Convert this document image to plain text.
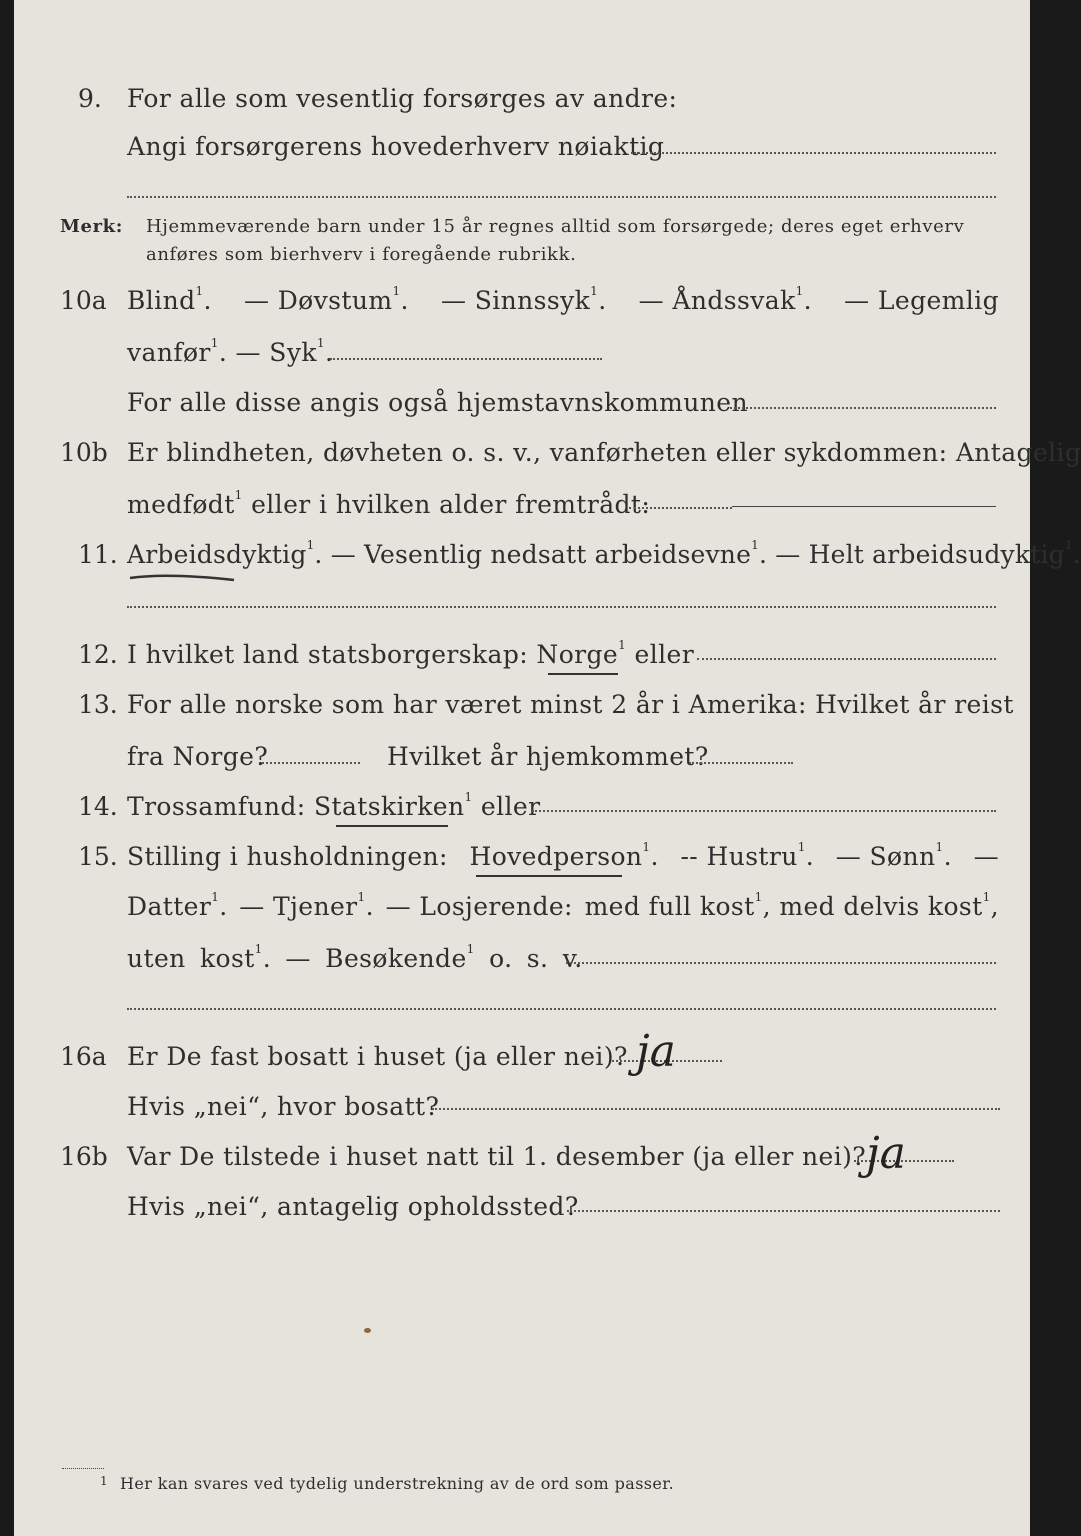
9.	For alle som vesentlig forsørges av andre:
Angi forsørgerens hovederhverv nøiaktig
Merk: Hjemmeværende barn under 15 år regnes alltid som forsørgede; deres eget erhverv
anføres som bierhverv i foregående rubrikk.
10a Blind$^1$. — Døvstum$^1$. — Sinnssyk$^1$. — Åndssvak$^1$. — Legemlig
vanfør$^1$. — Syk$^1$.
For alle disse angis også hjemstavnskommunen
10b Er blindheten, døvheten o. s. v., vanførheten eller sykdommen: Antagelig
medfødt$^1$ eller i hvilken alder fremtrådt:
11. Arbeidsdyktig$^1$. — Vesentlig nedsatt arbeidsevne$^1$. — Helt arbeidsudyktig$^1$.
12. I hvilket land statsborgerskap: Norge$^1$ eller
13. For alle norske som har været minst 2 år i Amerika: Hvilket år reist
fra Norge?	Hvilket år hjemkommet?
14. Trossamfund: Statskirken$^1$ eller
15. Stilling i husholdningen: Hovedperson$^1$. -- Hustru$^1$. — Sønn$^1$. —
Datter$^1$. — Tjener$^1$. — Losjerende: med full kost$^1$, med delvis kost$^1$,
uten kost$^1$. — Besøkende$^1$ o. s. v.
16a Er De fast bosatt i huset (ja eller nei)? ja
Hvis „nei“, hvor bosatt?
16b Var De tilstede i huset natt til 1. desember (ja eller nei)? ja
Hvis „nei“, antagelig opholdssted?
1 Her kan svares ved tydelig understrekning av de ord som passer.
